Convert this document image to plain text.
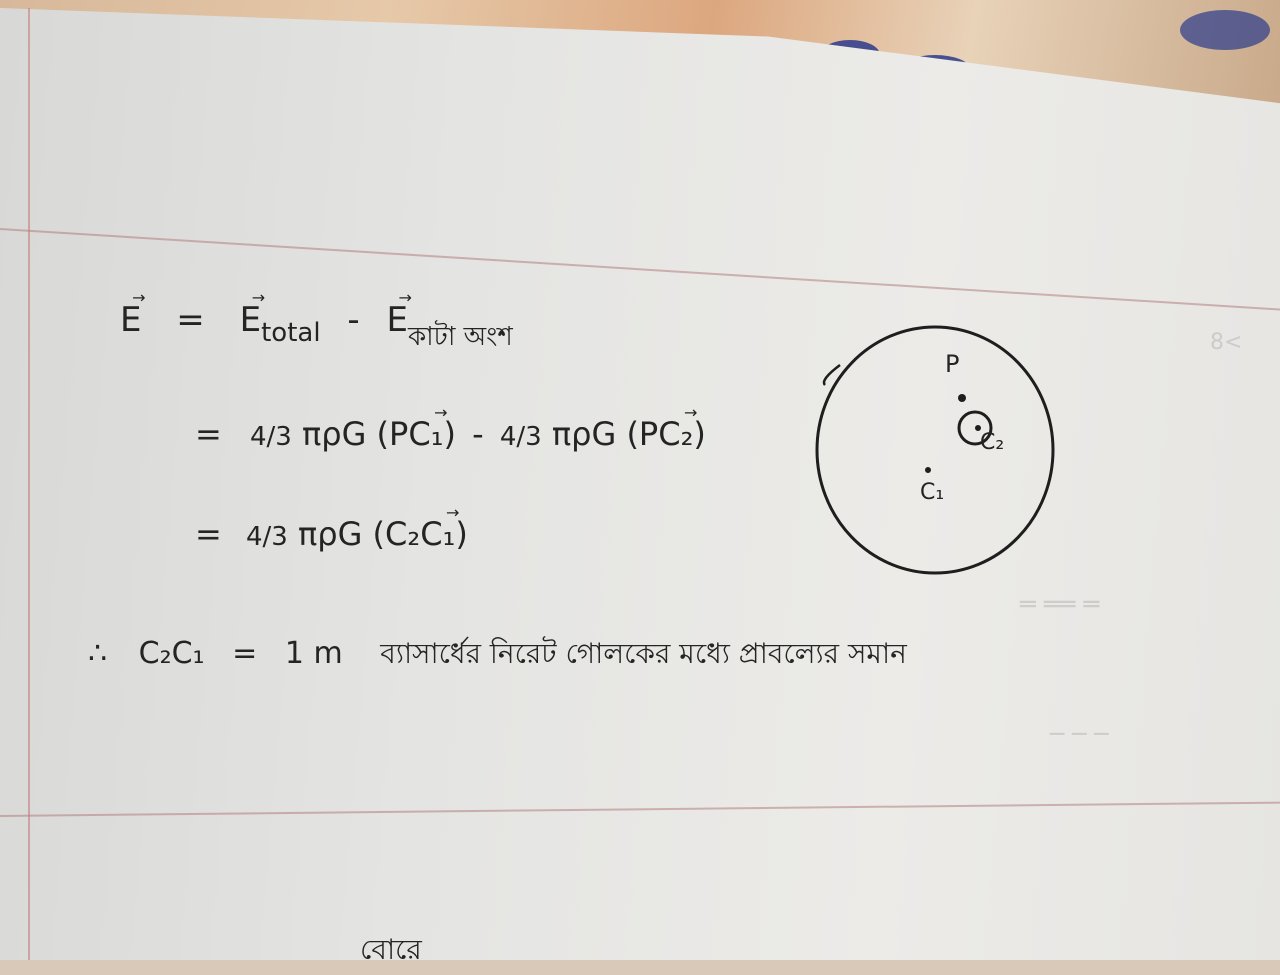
8<
═ ══ ═
─ ─ ─
E
→
= E
→
$_{total}$ - E
→
$_{কাটা অংশ}$
= 4/3 πρG (PC₁
→
) - 4/3 πρG (PC₂
→
)
= 4/3 πρG (C₂C₁
→
)
∴ C₂C₁ = 1 m ব্যাসার্ধের নিরেট গোলকের মধ্যে প্রাবল্যের সমান
P
C₂
C₁
বোরে
